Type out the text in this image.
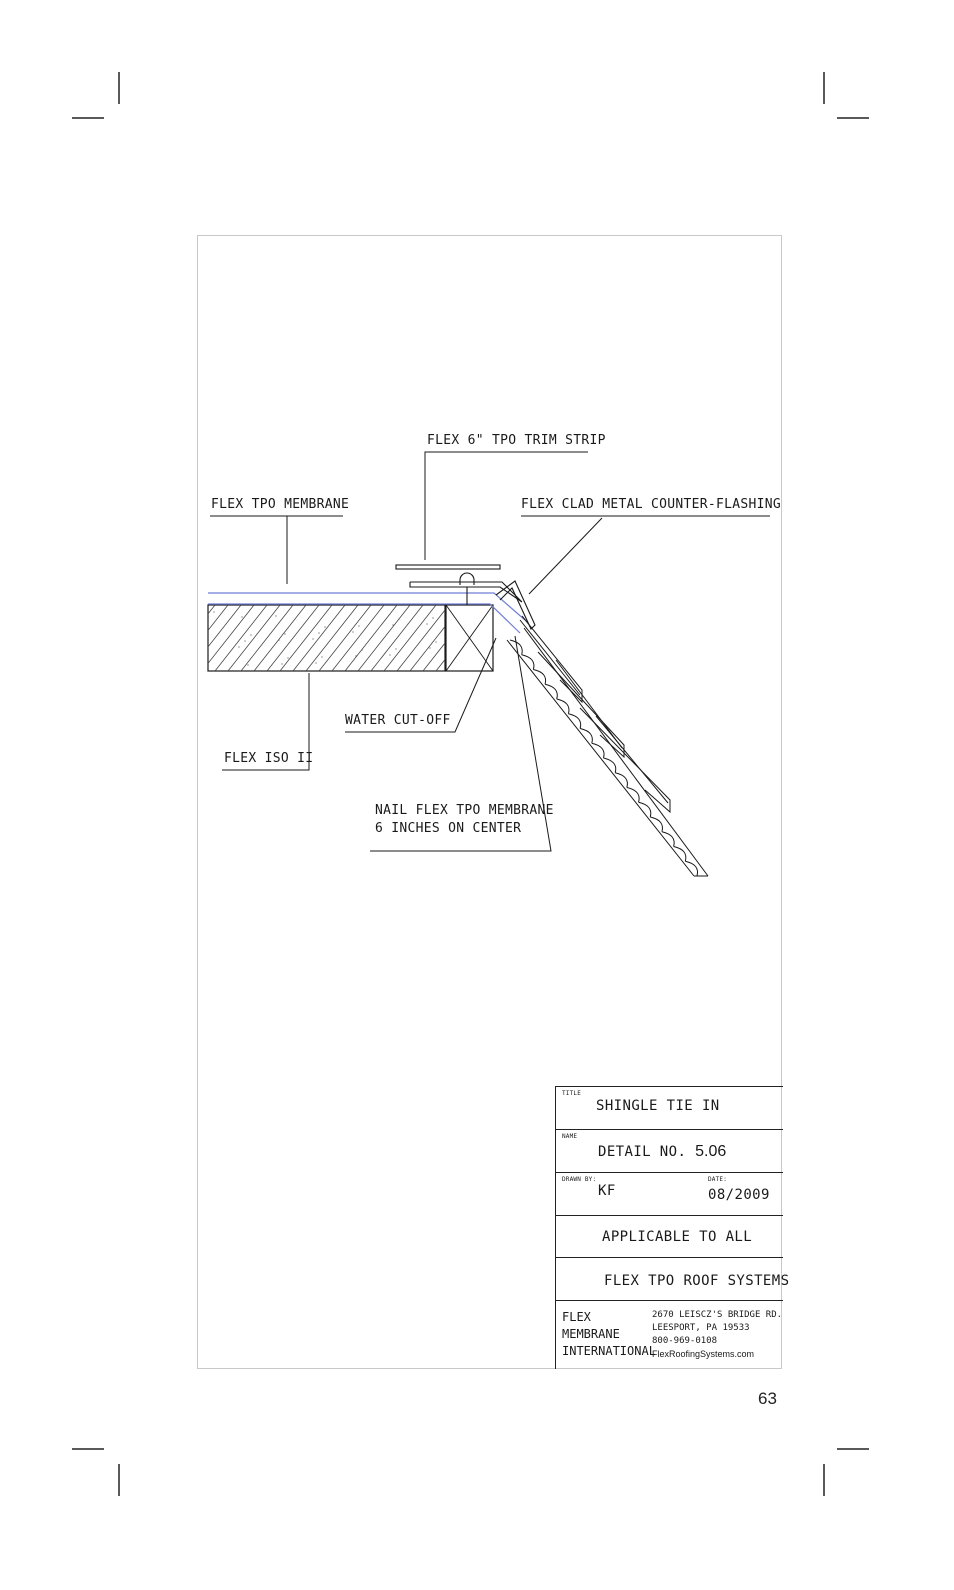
FLEX 6" TPO TRIM STRIP
FLEX TPO MEMBRANE	FLEX CLAD METAL COUNTER-FLASHING
WATER CUT-OFF
FLEX ISO II
NAIL FLEX TPO MEMBRANE
6 INCHES ON CENTER
TITLE
SHINGLE TIE IN
NAME
DETAIL NO. 5.06
DRAWN BY:
KF
DATE:
08/2009
APPLICABLE TO ALL
FLEX TPO ROOF SYSTEMS
FLEX
MEMBRANE
INTERNATIONAL
2670 LEISCZ'S BRIDGE RD.
LEESPORT, PA 19533
800-969-0108
FlexRoofingSystems.com
63
